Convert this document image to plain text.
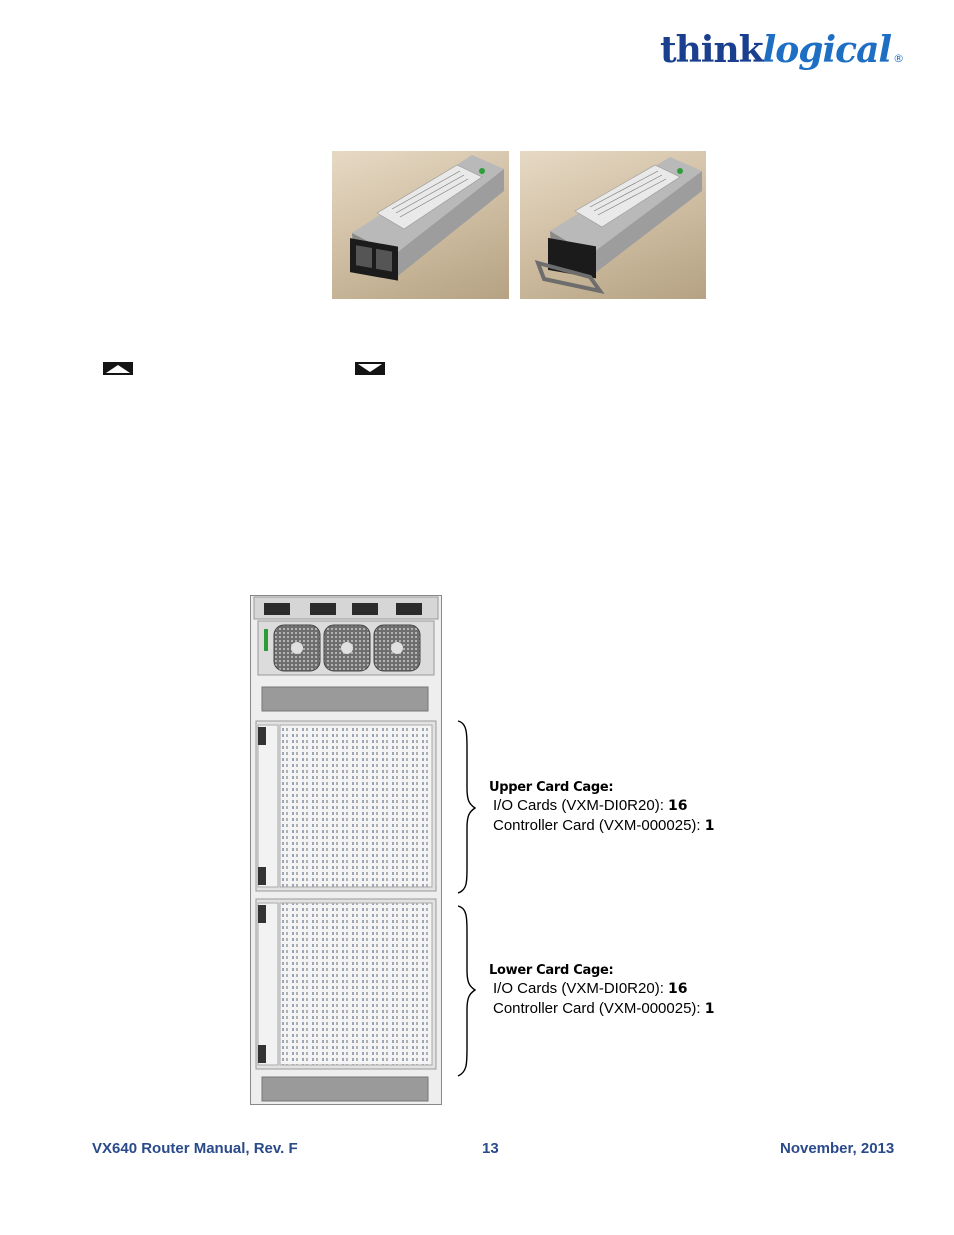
thinklogical ®
Upper Card Cage:
I/O Cards (VXM-DI0R20): 16
Controller Card (VXM-000025): 1
Lower Card Cage:
I/O Cards (VXM-DI0R20): 16
Controller Card (VXM-000025): 1
VX640 Router Manual, Rev. F	13	November, 2013
